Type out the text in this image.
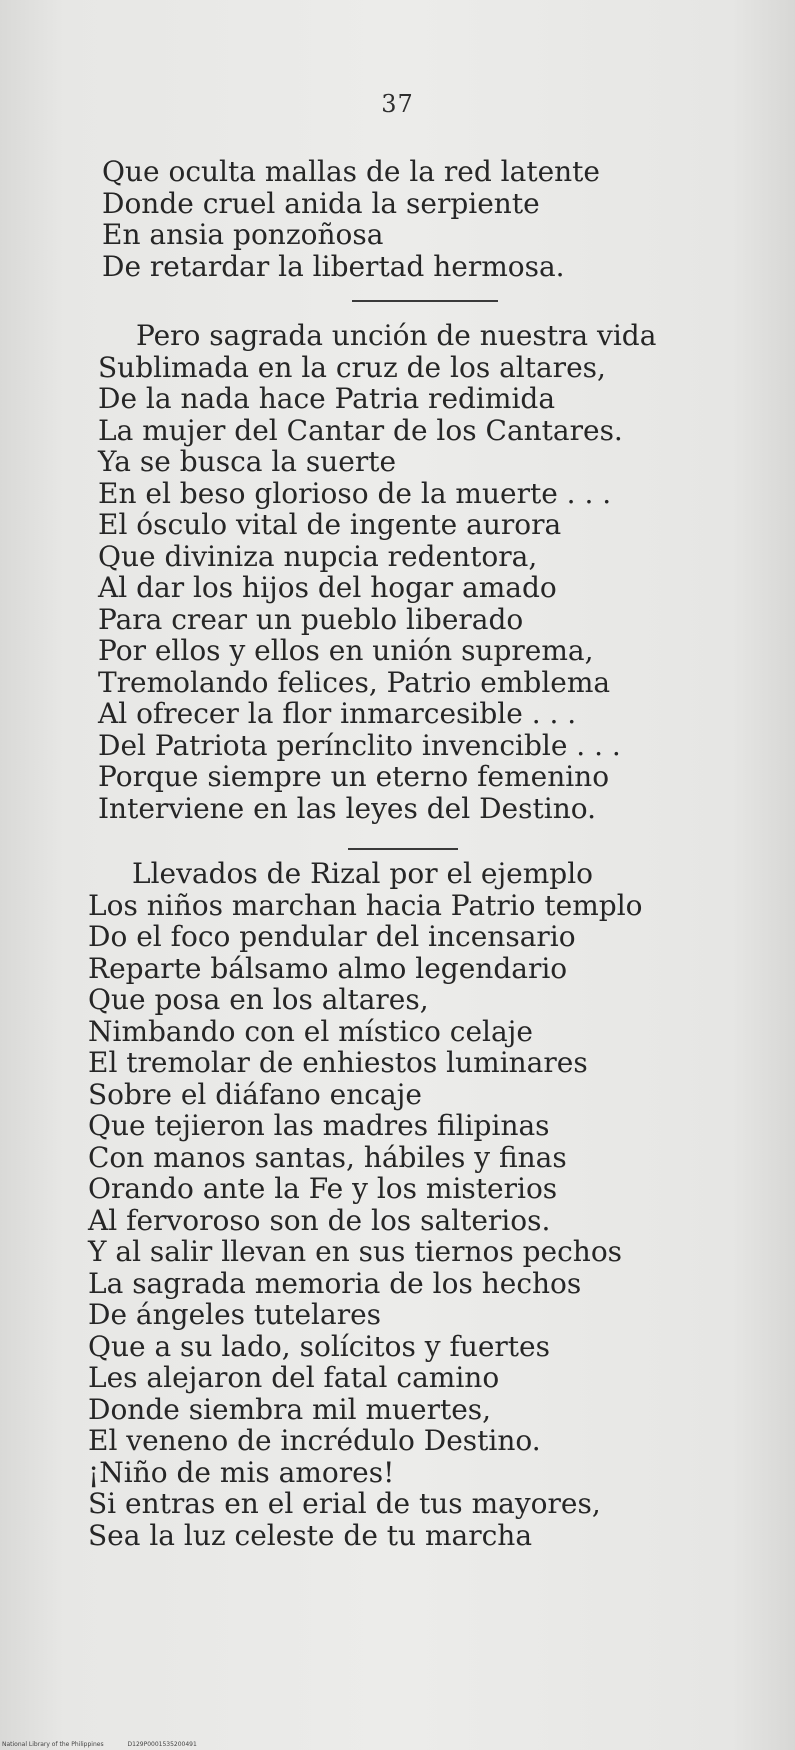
37
Que oculta mallas de la red latente
Donde cruel anida la serpiente
En ansia ponzoñosa
De retardar la libertad hermosa.
Pero sagrada unción de nuestra vida
Sublimada en la cruz de los altares,
De la nada hace Patria redimida
La mujer del Cantar de los Cantares.
Ya se busca la suerte
En el beso glorioso de la muerte . . .
El ósculo vital de ingente aurora
Que diviniza nupcia redentora,
Al dar los hijos del hogar amado
Para crear un pueblo liberado
Por ellos y ellos en unión suprema,
Tremolando felices, Patrio emblema
Al ofrecer la flor inmarcesible . . .
Del Patriota perínclito invencible . . .
Porque siempre un eterno femenino
Interviene en las leyes del Destino.
Llevados de Rizal por el ejemplo
Los niños marchan hacia Patrio templo
Do el foco pendular del incensario
Reparte bálsamo almo legendario
Que posa en los altares,
Nimbando con el místico celaje
El tremolar de enhiestos luminares
Sobre el diáfano encaje
Que tejieron las madres filipinas
Con manos santas, hábiles y finas
Orando ante la Fe y los misterios
Al fervoroso son de los salterios.
Y al salir llevan en sus tiernos pechos
La sagrada memoria de los hechos
De ángeles tutelares
Que a su lado, solícitos y fuertes
Les alejaron del fatal camino
Donde siembra mil muertes,
El veneno de incrédulo Destino.
¡Niño de mis amores!
Si entras en el erial de tus mayores,
Sea la luz celeste de tu marcha
National Library of the Philippines	D129P0001535200491
